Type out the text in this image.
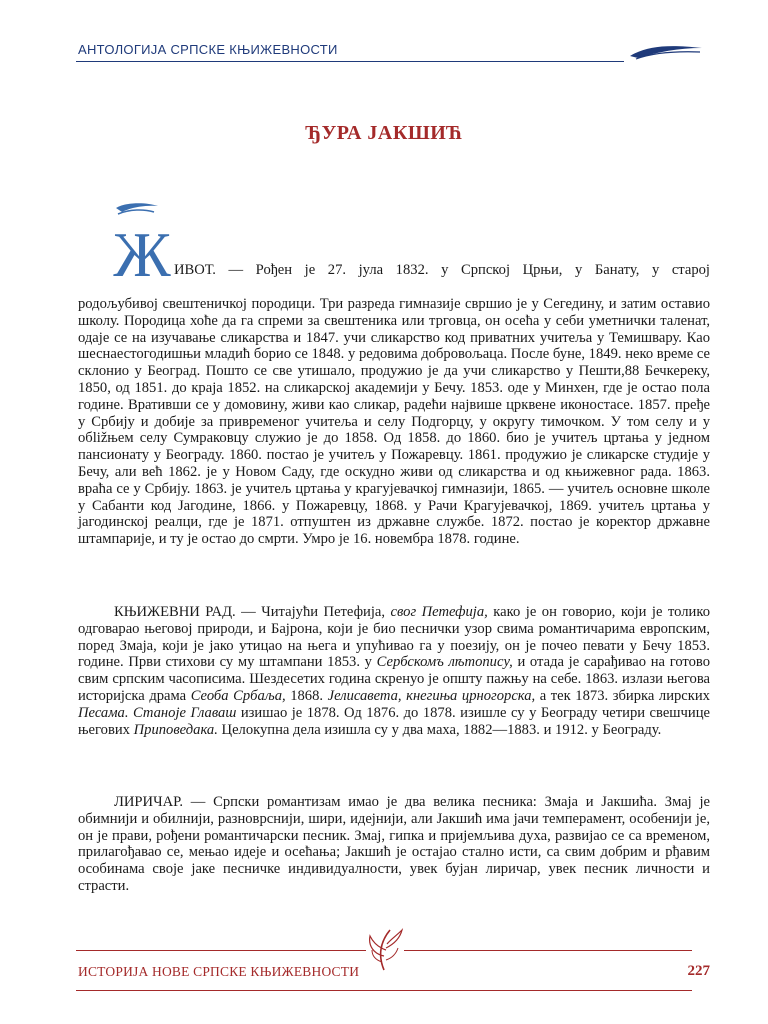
АНТОЛОГИЈА СРПСКЕ КЊИЖЕВНОСТИ
ЂУРА ЈАКШИЋ
Ж ИВОТ. — Рођен је 27. јула 1832. у Српској Црњи, у Банату, у старој
родољубивој свештеничкој породици. Три разреда гимназије свршио је у Сегедину, и затим оставио школу. Породица хоће да га спреми за свештеника или трговца, он осећа у себи уметнички таленат, одаје се на изучавање сликарства и 1847. учи сликарство код приватних учитеља у Темишвару. Као шеснаестогодишњи младић борио се 1848. у редовима добровољаца. После буне, 1849. неко време се склонио у Београд. Пошто се све утишало, продужио је да учи сликарство у Пешти,88 Бечкереку, 1850, од 1851. до краја 1852. на сликарској академији у Бечу. 1853. оде у Минхен, где је остао пола године. Вративши се у домовину, живи као сликар, радећи највише црквене иконостасе. 1857. пређе у Србију и добије за привременог учитеља и селу Подгорцу, у округу тимочком. У том селу и у обližњем селу Сумраковцу служио је до 1858. Од 1858. до 1860. био је учитељ цртања у једном пансионату у Београду. 1860. постао је учитељ у Пожаревцу. 1861. продужио је сликарске студије у Бечу, али већ 1862. је у Новом Саду, где оскудно живи од сликарства и од књижевног рада. 1863. враћа се у Србију. 1863. је учитељ цртања у крагујевачкој гимназији, 1865. — учитељ основне школе у Сабанти код Јагодине, 1866. у Пожаревцу, 1868. у Рачи Крагујевачкој, 1869. учитељ цртања у јагодинској реалци, где је 1871. отпуштен из државне службе. 1872. постао је коректор државне штампарије, и ту је остао до смрти. Умро је 16. новембра 1878. године.
КЊИЖЕВНИ РАД. — Читајући Петефија, свог Петефија, како је он говорио, који је толико одговарао његовој природи, и Бајрона, који је био песнички узор свима романтичарима европским, поред Змаја, који је јако утицао на њега и упућивао га у поезију, он је почео певати у Бечу 1853. године. Први стихови су му штампани 1853. у Сербскомъ лѣтописy, и отада је сарађивао на готово свим српским часописима. Шездесетих година скренуо је општу пажњу на себе. 1863. излази његова историјска драма Сеоба Србаља, 1868. Јелисавета, кнегиња црногорска, а тек 1873. збирка лирских Песама. Станоје Главаш изишао је 1878. Од 1876. до 1878. изишле су у Београду четири свешчице његових Приповедака. Целокупна дела изишла су у два маха, 1882—1883. и 1912. у Београду.
ЛИРИЧАР. — Српски романтизам имао је два велика песника: Змаја и Јакшића. Змај је обимнији и обилнији, разноврснији, шири, идејнији, али Јакшић има јачи темперамент, особенији је, он је прави, рођени романтичарски песник. Змај, гипка и пријемљива духа, развијао се са временом, прилагођавао се, мењао идеје и осећања; Јакшић је остајао стално исти, са свим добрим и рђавим особинама своје јаке песничке индивидуалности, увек бујан лиричар, увек песник личности и страсти.
ИСТОРИЈА НОВЕ СРПСКЕ КЊИЖЕВНОСТИ	227
